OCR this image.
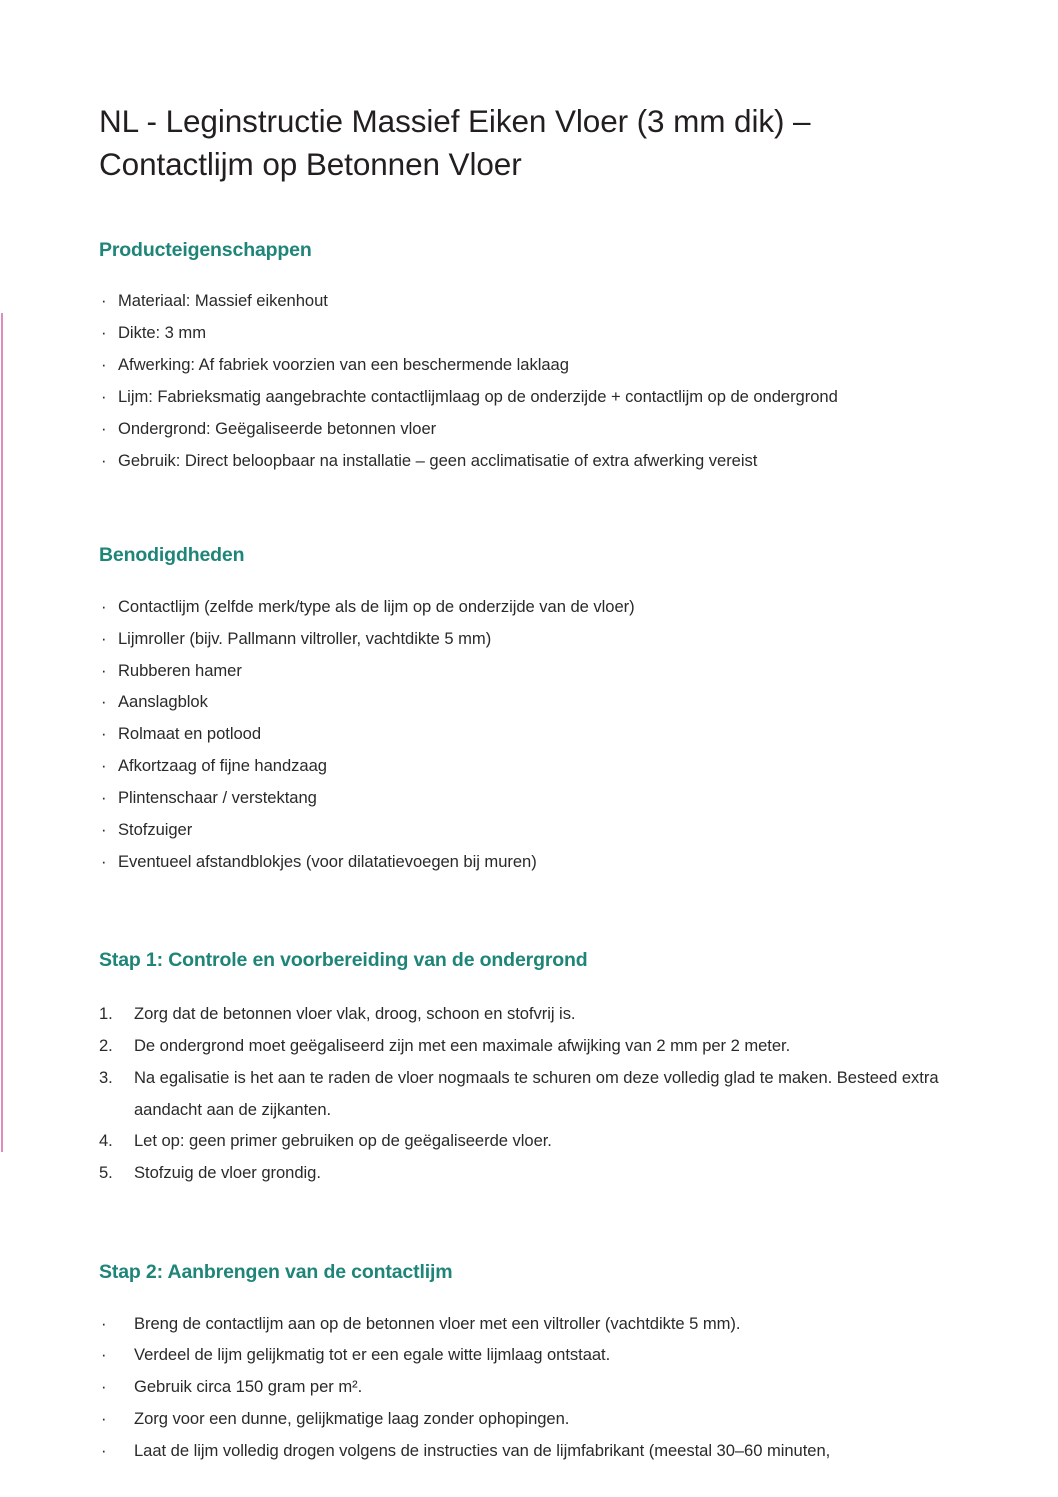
NL - Leginstructie Massief Eiken Vloer (3 mm dik) – Contactlijm op Betonnen Vloer
Producteigenschappen
· Materiaal: Massief eikenhout
· Dikte: 3 mm
· Afwerking: Af fabriek voorzien van een beschermende laklaag
· Lijm: Fabrieksmatig aangebrachte contactlijmlaag op de onderzijde + contactlijm op de ondergrond
· Ondergrond: Geëgaliseerde betonnen vloer
· Gebruik: Direct beloopbaar na installatie – geen acclimatisatie of extra afwerking vereist
Benodigdheden
· Contactlijm (zelfde merk/type als de lijm op de onderzijde van de vloer)
· Lijmroller (bijv. Pallmann viltroller, vachtdikte 5 mm)
· Rubberen hamer
· Aanslagblok
· Rolmaat en potlood
· Afkortzaag of fijne handzaag
· Plintenschaar / verstektang
· Stofzuiger
· Eventueel afstandblokjes (voor dilatatievoegen bij muren)
Stap 1: Controle en voorbereiding van de ondergrond
1.	Zorg dat de betonnen vloer vlak, droog, schoon en stofvrij is.
2.	De ondergrond moet geëgaliseerd zijn met een maximale afwijking van 2 mm per 2 meter.
3.	Na egalisatie is het aan te raden de vloer nogmaals te schuren om deze volledig glad te maken. Besteed extra aandacht aan de zijkanten.
4.	Let op: geen primer gebruiken op de geëgaliseerde vloer.
5.	Stofzuig de vloer grondig.
Stap 2: Aanbrengen van de contactlijm
· Breng de contactlijm aan op de betonnen vloer met een viltroller (vachtdikte 5 mm).
· Verdeel de lijm gelijkmatig tot er een egale witte lijmlaag ontstaat.
· Gebruik circa 150 gram per m².
· Zorg voor een dunne, gelijkmatige laag zonder ophopingen.
· Laat de lijm volledig drogen volgens de instructies van de lijmfabrikant (meestal 30–60 minuten,
